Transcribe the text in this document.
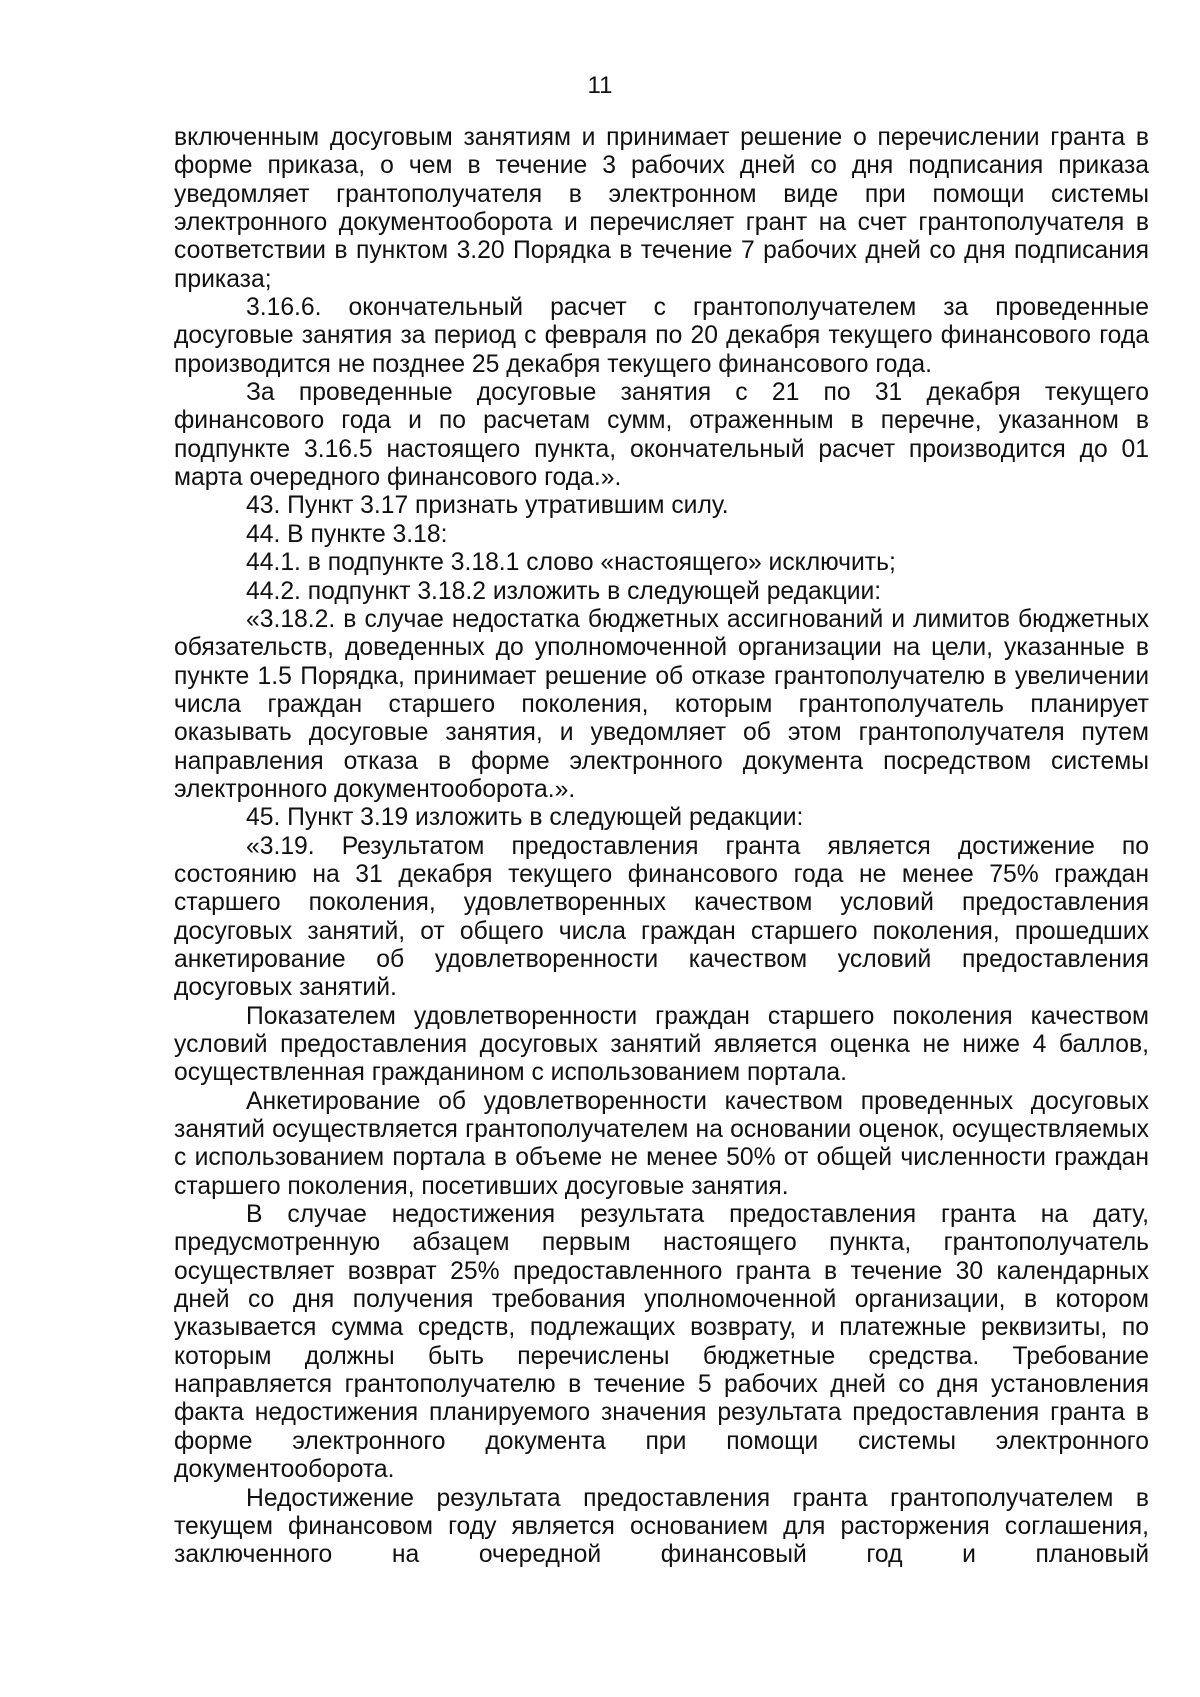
11

включенным досуговым занятиям и принимает решение о перечислении гранта в форме приказа, о чем в течение 3 рабочих дней со дня подписания приказа уведомляет грантополучателя в электронном виде при помощи системы электронного документооборота и перечисляет грант на счет грантополучателя в соответствии в пунктом 3.20 Порядка в течение 7 рабочих дней со дня подписания приказа;

3.16.6. окончательный расчет с грантополучателем за проведенные досуговые занятия за период с февраля по 20 декабря текущего финансового года производится не позднее 25 декабря текущего финансового года.

За проведенные досуговые занятия с 21 по 31 декабря текущего финансового года и по расчетам сумм, отраженным в перечне, указанном в подпункте 3.16.5 настоящего пункта, окончательный расчет производится до 01 марта очередного финансового года.».

43. Пункт 3.17 признать утратившим силу.

44. В пункте 3.18:

44.1. в подпункте 3.18.1 слово «настоящего» исключить;

44.2. подпункт 3.18.2 изложить в следующей редакции:

«3.18.2. в случае недостатка бюджетных ассигнований и лимитов бюджетных обязательств, доведенных до уполномоченной организации на цели, указанные в пункте 1.5 Порядка, принимает решение об отказе грантополучателю в увеличении числа граждан старшего поколения, которым грантополучатель планирует оказывать досуговые занятия, и уведомляет об этом грантополучателя путем направления отказа в форме электронного документа посредством системы электронного документооборота.».

45. Пункт 3.19 изложить в следующей редакции:

«3.19. Результатом предоставления гранта является достижение по состоянию на 31 декабря текущего финансового года не менее 75% граждан старшего поколения, удовлетворенных качеством условий предоставления досуговых занятий, от общего числа граждан старшего поколения, прошедших анкетирование об удовлетворенности качеством условий предоставления досуговых занятий.

Показателем удовлетворенности граждан старшего поколения качеством условий предоставления досуговых занятий является оценка не ниже 4 баллов, осуществленная гражданином с использованием портала.

Анкетирование об удовлетворенности качеством проведенных досуговых занятий осуществляется грантополучателем на основании оценок, осуществляемых с использованием портала в объеме не менее 50% от общей численности граждан старшего поколения, посетивших досуговые занятия.

В случае недостижения результата предоставления гранта на дату, предусмотренную абзацем первым настоящего пункта, грантополучатель осуществляет возврат 25% предоставленного гранта в течение 30 календарных дней со дня получения требования уполномоченной организации, в котором указывается сумма средств, подлежащих возврату, и платежные реквизиты, по которым должны быть перечислены бюджетные средства. Требование направляется грантополучателю в течение 5 рабочих дней со дня установления факта недостижения планируемого значения результата предоставления гранта в форме электронного документа при помощи системы электронного документооборота.

Недостижение результата предоставления гранта грантополучателем в текущем финансовом году является основанием для расторжения соглашения, заключенного на очередной финансовый год и плановый
